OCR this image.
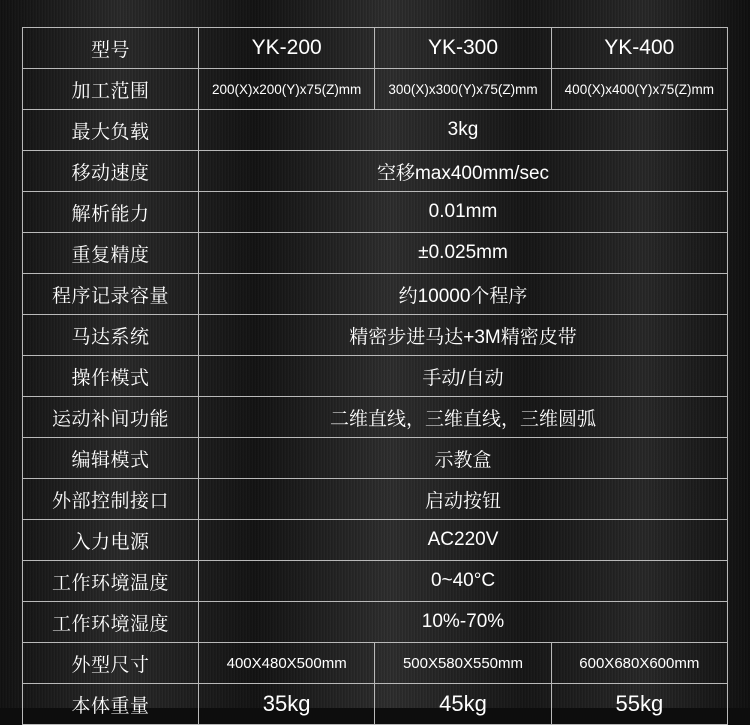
型号	YK-200	YK-300	YK-400
加工范围	200(X)x200(Y)x75(Z)mm	300(X)x300(Y)x75(Z)mm	400(X)x400(Y)x75(Z)mm
最大负载	3kg		
移动速度	空移max400mm/sec		
解析能力	0.01mm		
重复精度	±0.025mm		
程序记录容量	约10000个程序		
马达系统	精密步进马达+3M精密皮带		
操作模式	手动/自动		
运动补间功能	二维直线，三维直线，三维圆弧		
编辑模式	示教盒		
外部控制接口	启动按钮		
入力电源	AC220V		
工作环境温度	0~40°C		
工作环境湿度	10%-70%		
外型尺寸	400X480X500mm	500X580X550mm	600X680X600mm
本体重量	35kg	45kg	55kg
